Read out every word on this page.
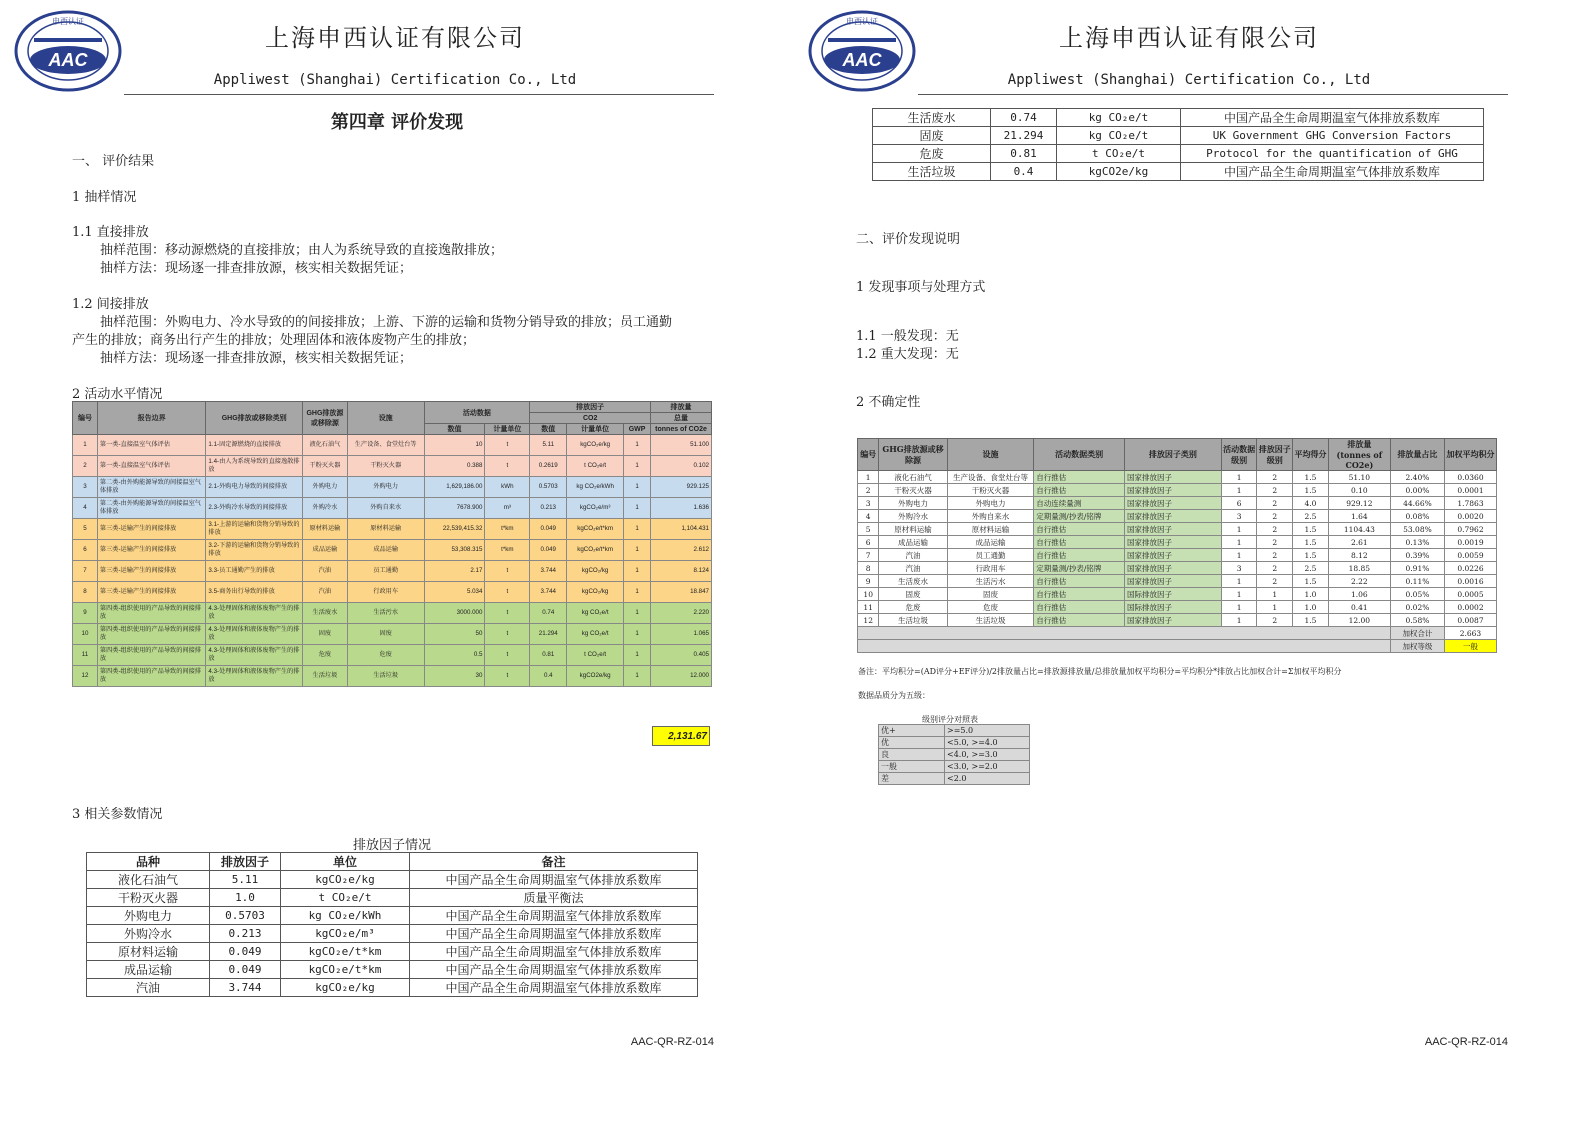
AAC
申西认证
上海申西认证有限公司
Appliwest (Shanghai) Certification Co., Ltd
第四章 评价发现
一、 评价结果
1 抽样情况
1.1 直接排放
抽样范围：移动源燃烧的直接排放；由人为系统导致的直接逸散排放；
抽样方法：现场逐一排查排放源，核实相关数据凭证；
1.2 间接排放
抽样范围：外购电力、冷水导致的的间接排放；上游、下游的运输和货物分销导致的排放；员工通勤
产生的排放；商务出行产生的排放；处理固体和液体废物产生的排放；
抽样方法：现场逐一排查排放源，核实相关数据凭证；
2 活动水平情况
编号	报告边界	GHG排放或移除类别	GHG排放源或移除源	设施	活动数据		排放因子			排放量
							CO2			总量
					数值	计量单位	数值	计量单位	GWP	tonnes of CO2e
1	第一类-直接温室气体评估	1.1-固定源燃烧的直接排放	液化石油气	生产设备、食堂灶台等	10	t	5.11	kgCO₂e/kg	1	51.100
2	第一类-直接温室气体评估	1.4-由人为系统导致的直接逸散排放	干粉灭火器	干粉灭火器	0.388	t	0.2619	t CO₂e/t	1	0.102
3	第二类-由外购能源导致的间接温室气体排放	2.1-外购电力导致的间接排放	外购电力	外购电力	1,629,186.00	kWh	0.5703	kg CO₂e/kWh	1	929.125
4	第二类-由外购能源导致的间接温室气体排放	2.3-外购冷水导致的间接排放	外购冷水	外购自来水	7678.900	m³	0.213	kgCO₂e/m³	1	1.636
5	第三类-运输产生的间接排放	3.1-上游的运输和货物分销导致的排放	原材料运输	原材料运输	22,539,415.32	t*km	0.049	kgCO₂e/t*km	1	1,104.431
6	第三类-运输产生的间接排放	3.2-下游的运输和货物分销导致的排放	成品运输	成品运输	53,308.315	t*km	0.049	kgCO₂e/t*km	1	2.612
7	第三类-运输产生的间接排放	3.3-员工通勤产生的排放	汽油	员工通勤	2.17	t	3.744	kgCO₂/kg	1	8.124
8	第三类-运输产生的间接排放	3.5-商务出行导致的排放	汽油	行政用车	5.034	t	3.744	kgCO₂/kg	1	18.847
9	第四类-组织使用的产品导致的间接排放	4.3-处理固体和液体废物产生的排放	生活废水	生活污水	3000.000	t	0.74	kg CO₂e/t	1	2.220
10	第四类-组织使用的产品导致的间接排放	4.3-处理固体和液体废物产生的排放	固废	固废	50	t	21.294	kg CO₂e/t	1	1.065
11	第四类-组织使用的产品导致的间接排放	4.3-处理固体和液体废物产生的排放	危废	危废	0.5	t	0.81	t CO₂e/t	1	0.405
12	第四类-组织使用的产品导致的间接排放	4.3-处理固体和液体废物产生的排放	生活垃圾	生活垃圾	30	t	0.4	kgCO2e/kg	1	12.000
2,131.67
3 相关参数情况
排放因子情况
品种	排放因子	单位	备注
液化石油气	5.11	kgCO₂e/kg	中国产品全生命周期温室气体排放系数库
干粉灭火器	1.0	t CO₂e/t	质量平衡法
外购电力	0.5703	kg CO₂e/kWh	中国产品全生命周期温室气体排放系数库
外购冷水	0.213	kgCO₂e/m³	中国产品全生命周期温室气体排放系数库
原材料运输	0.049	kgCO₂e/t*km	中国产品全生命周期温室气体排放系数库
成品运输	0.049	kgCO₂e/t*km	中国产品全生命周期温室气体排放系数库
汽油	3.744	kgCO₂e/kg	中国产品全生命周期温室气体排放系数库
AAC-QR-RZ-014
AAC
申西认证
上海申西认证有限公司
Appliwest (Shanghai) Certification Co., Ltd
生活废水	0.74	kg CO₂e/t	中国产品全生命周期温室气体排放系数库
固废	21.294	kg CO₂e/t	UK Government GHG Conversion Factors
危废	0.81	t CO₂e/t	Protocol for the quantification of GHG
生活垃圾	0.4	kgCO2e/kg	中国产品全生命周期温室气体排放系数库
二、评价发现说明
1 发现事项与处理方式
1.1 一般发现：无
1.2 重大发现：无
2 不确定性
编号	GHG排放源或移除源	设施	活动数据类别	排放因子类别	活动数据级别	排放因子级别	平均得分	排放量 (tonnes of CO2e)	排放量占比	加权平均积分
1	液化石油气	生产设备、食堂灶台等	自行推估	国家排放因子	1	2	1.5	51.10	2.40%	0.0360
2	干粉灭火器	干粉灭火器	自行推估	国家排放因子	1	2	1.5	0.10	0.00%	0.0001
3	外购电力	外购电力	自动连续量测	国家排放因子	6	2	4.0	929.12	44.66%	1.7863
4	外购冷水	外购自来水	定期量测/抄表/铭牌	国家排放因子	3	2	2.5	1.64	0.08%	0.0020
5	原材料运输	原材料运输	自行推估	国家排放因子	1	2	1.5	1104.43	53.08%	0.7962
6	成品运输	成品运输	自行推估	国家排放因子	1	2	1.5	2.61	0.13%	0.0019
7	汽油	员工通勤	自行推估	国家排放因子	1	2	1.5	8.12	0.39%	0.0059
8	汽油	行政用车	定期量测/抄表/铭牌	国家排放因子	3	2	2.5	18.85	0.91%	0.0226
9	生活废水	生活污水	自行推估	国家排放因子	1	2	1.5	2.22	0.11%	0.0016
10	固废	固废	自行推估	国际排放因子	1	1	1.0	1.06	0.05%	0.0005
11	危废	危废	自行推估	国际排放因子	1	1	1.0	0.41	0.02%	0.0002
12	生活垃圾	生活垃圾	自行推估	国家排放因子	1	2	1.5	12.00	0.58%	0.0087
									加权合计	2.663
									加权等级	一般
备注：平均积分=(AD评分+EF评分)/2排放量占比=排放源排放量/总排放量加权平均积分=平均积分*排放占比加权合计=Σ加权平均积分
数据品质分为五级：
级别评分对照表
优+	>=5.0
优	<5.0, >=4.0
良	<4.0, >=3.0
一般	<3.0, >=2.0
差	<2.0
AAC-QR-RZ-014
